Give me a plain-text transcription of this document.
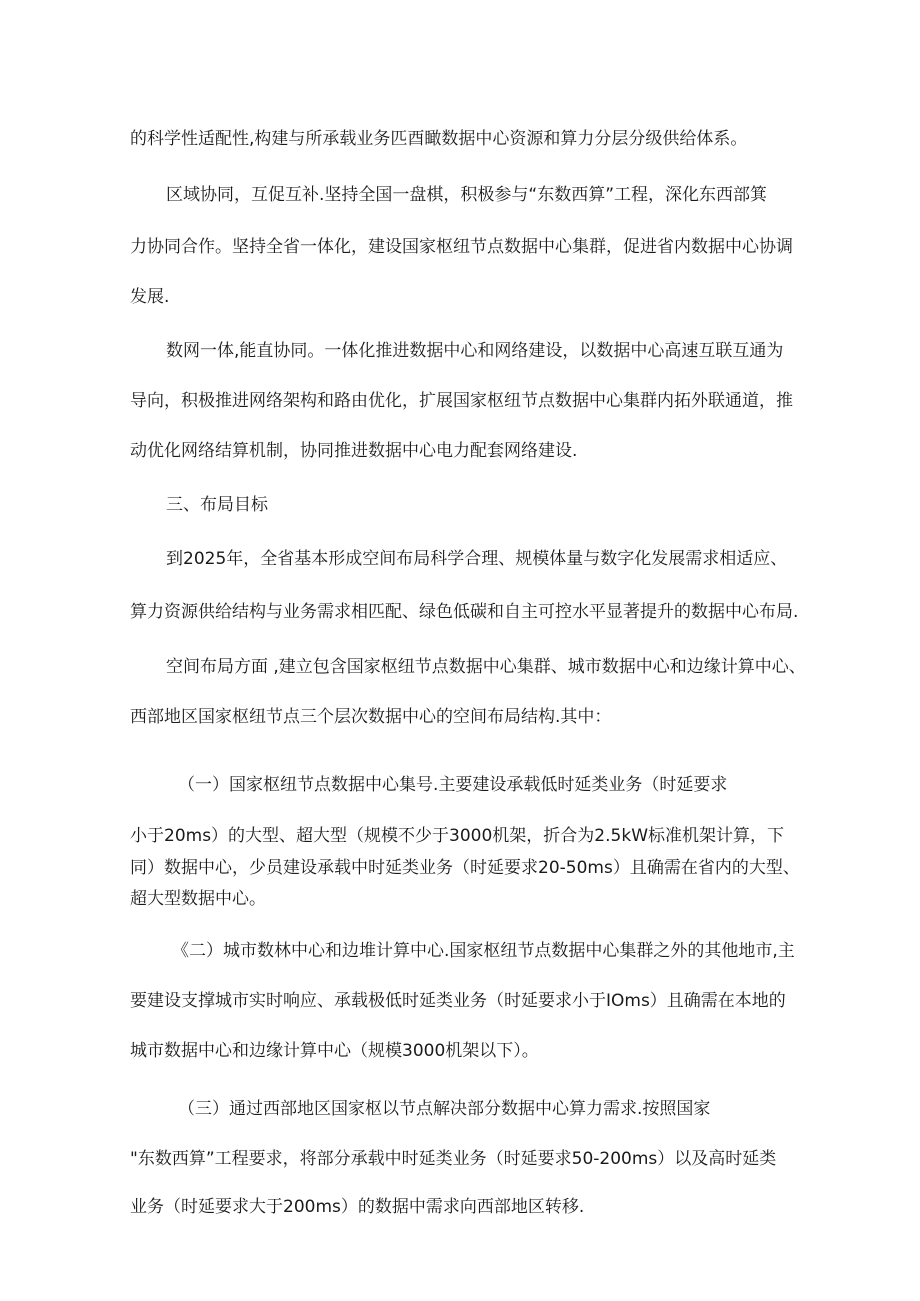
的科学性适配性,构建与所承载业务匹酉瞰数据中心资源和算力分层分级供给体系。
区域协同，互促互补.坚持全国一盘棋，积极参与“东数西算”工程，深化东西部箕
力协同合作。坚持全省一体化，建设国家枢纽节点数据中心集群，促进省内数据中心协调
发展.
数网一体,能直协同。一体化推进数据中心和网络建设，以数据中心高速互联互通为
导向，积极推进网络架构和路由优化，扩展国家枢纽节点数据中心集群内拓外联通道，推
动优化网络结算机制，协同推进数据中心电力配套网络建设.
三、布局目标
到2025年，全省基本形成空间布局科学合理、规模体量与数字化发展需求相适应、
算力资源供给结构与业务需求相匹配、绿色低碳和自主可控水平显著提升的数据中心布局.
空间布局方面 ,建立包含国家枢纽节点数据中心集群、城市数据中心和边缘计算中心、
西部地区国家枢纽节点三个层次数据中心的空间布局结构.其中：
（一）国家枢纽节点数据中心集号.主要建设承载低时延类业务（时延要求
小于20ms）的大型、超大型（规模不少于3000机架，折合为2.5kW标准机架计算，下
同）数据中心，少员建设承载中时延类业务（时延要求20-50ms）且确需在省内的大型、
超大型数据中心。
《二）城市数林中心和边堆计算中心.国家枢纽节点数据中心集群之外的其他地市,主
要建设支撑城市实时响应、承载极低时延类业务（时延要求小于IOms）且确需在本地的
城市数据中心和边缘计算中心（规模3000机架以下）。
（三）通过西部地区国家枢以节点解决部分数据中心算力需求.按照国家
"东数西算”工程要求，将部分承载中时延类业务（时延要求50-200ms）以及高时延类
业务（时延要求大于200ms）的数据中需求向西部地区转移.
